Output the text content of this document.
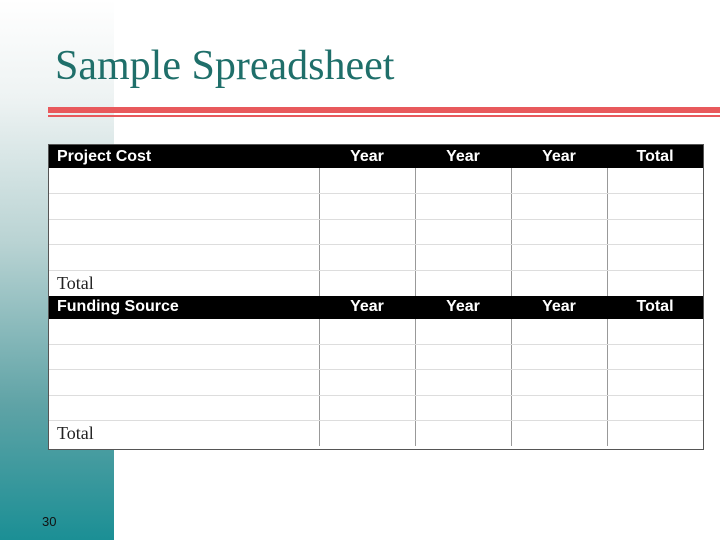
Sample Spreadsheet
Project Cost	Year	Year	Year	Total

Total				
Funding Source	Year	Year	Year	Total

Total				
30
